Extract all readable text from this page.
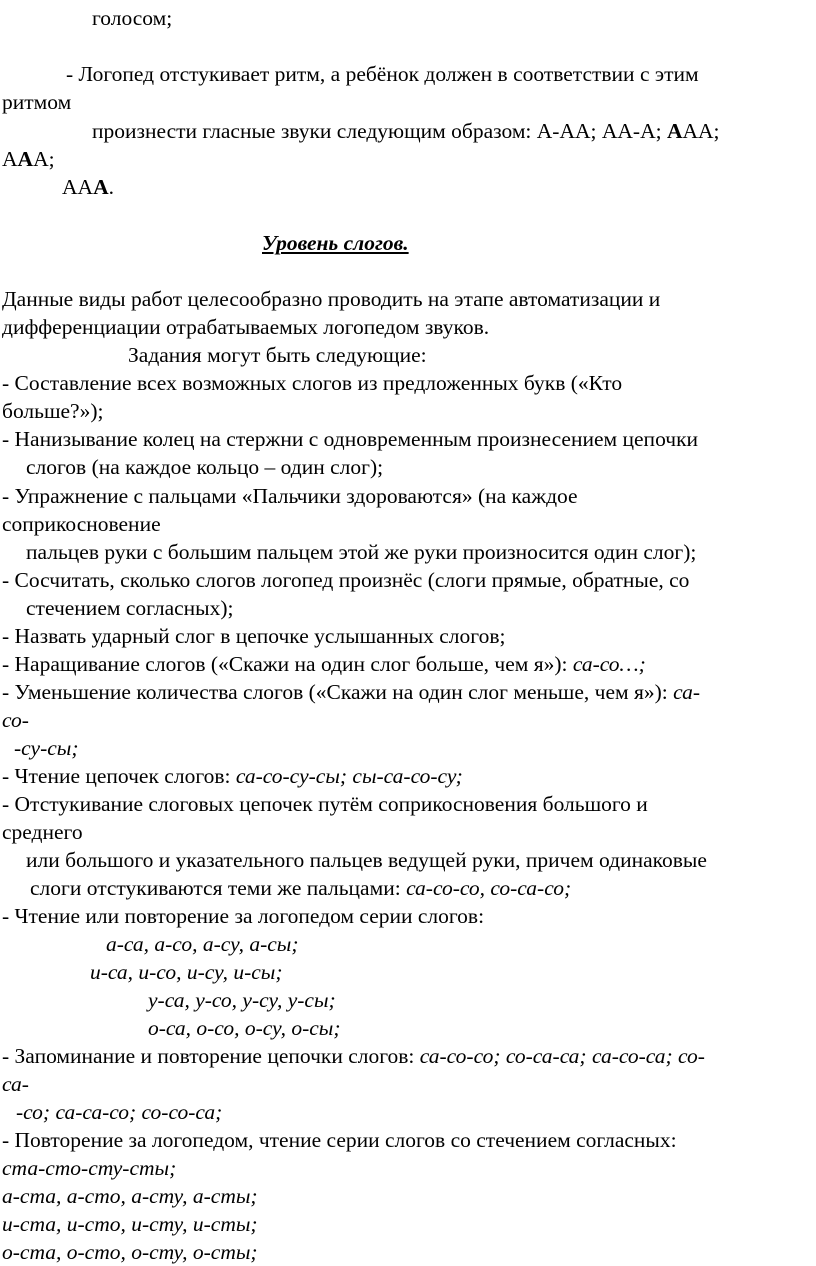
голосом;
- Логопед отстукивает ритм, а ребёнок должен в соответствии с этим
ритмом
произнести гласные звуки следующим образом: А-АА; АА-А; ААА;
ААА;
ААА.
Уровень слогов.
Данные виды работ целесообразно проводить на этапе автоматизации и
дифференциации отрабатываемых логопедом звуков.
Задания могут быть следующие:
- Составление всех возможных слогов из предложенных букв («Кто
больше?»);
- Нанизывание колец на стержни с одновременным произнесением цепочки
слогов (на каждое кольцо – один слог);
- Упражнение с пальцами «Пальчики здороваются» (на каждое
соприкосновение
пальцев руки с большим пальцем этой же руки произносится один слог);
- Сосчитать, сколько слогов логопед произнёс (слоги прямые, обратные, со
стечением согласных);
- Назвать ударный слог в цепочке услышанных слогов;
- Наращивание слогов («Скажи на один слог больше, чем я»): са-со…;
- Уменьшение количества слогов («Скажи на один слог меньше, чем я»): са-
со-
-су-сы;
- Чтение цепочек слогов: са-со-су-сы; сы-са-со-су;
- Отстукивание слоговых цепочек путём соприкосновения большого и
среднего
или большого и указательного пальцев ведущей руки, причем одинаковые
слоги отстукиваются теми же пальцами: са-со-со, со-са-со;
- Чтение или повторение за логопедом серии слогов:
а-са, а-со, а-су, а-сы;
и-са, и-со, и-су, и-сы;
у-са, у-со, у-су, у-сы;
о-са, о-со, о-су, о-сы;
- Запоминание и повторение цепочки слогов: са-со-со; со-са-са; са-со-са; со-
са-
-со; са-са-со; со-со-са;
- Повторение за логопедом, чтение серии слогов со стечением согласных:
ста-сто-сту-сты;
а-ста, а-сто, а-сту, а-сты;
и-ста, и-сто, и-сту, и-сты;
о-ста, о-сто, о-сту, о-сты;
